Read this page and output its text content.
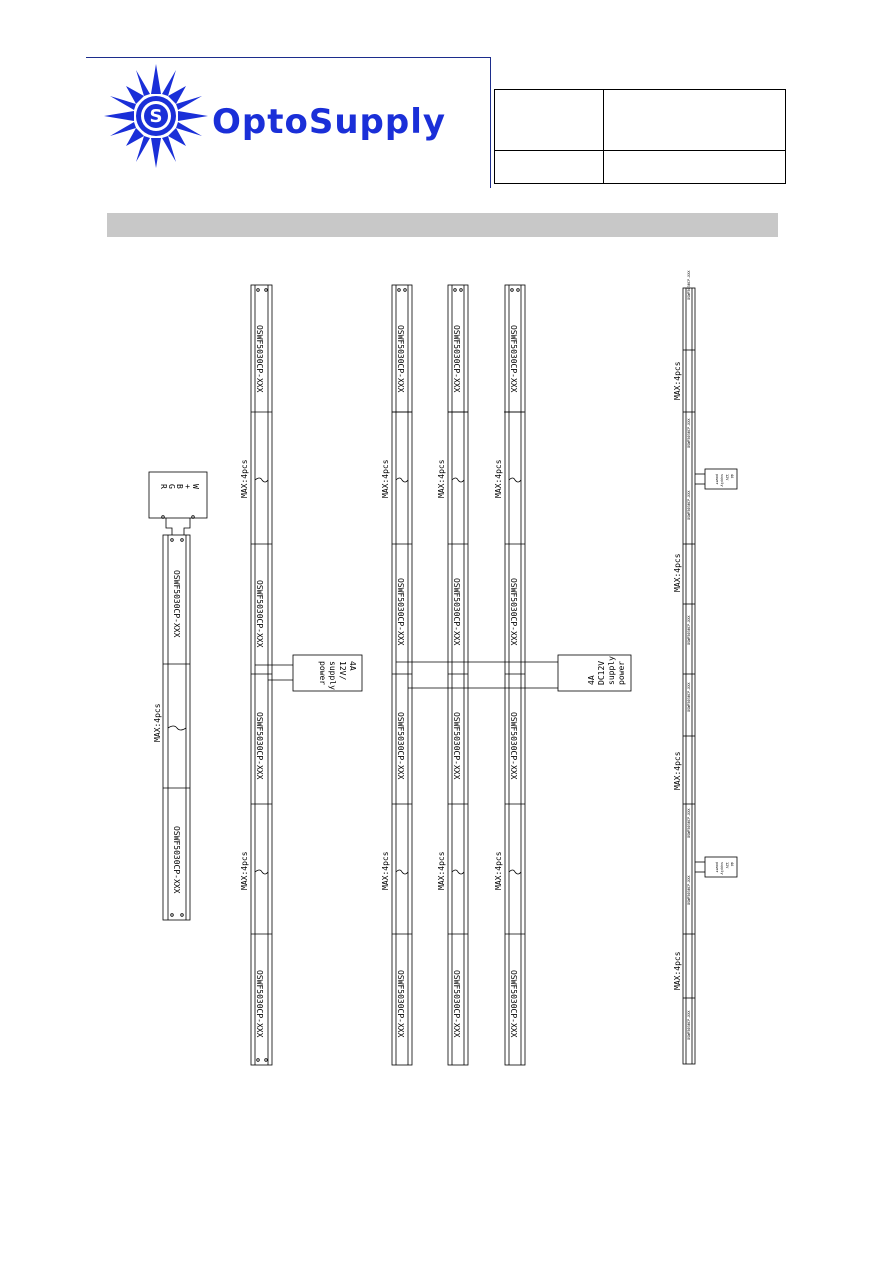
S OptoSupply

R G B + W
OSWF5030CP-XXX
OSWF5030CP-XXX
MAX:4pcs
OSWF5030CP-XXX
OSWF5030CP-XXX
OSWF5030CP-XXX
OSWF5030CP-XXX
MAX:4pcs
MAX:4pcs
power supply 12V/ 4A
OSWF5030CP-XXX	OSWF5030CP-XXX	OSWF5030CP-XXX
OSWF5030CP-XXX	OSWF5030CP-XXX	OSWF5030CP-XXX
OSWF5030CP-XXX	OSWF5030CP-XXX	OSWF5030CP-XXX
OSWF5030CP-XXX	OSWF5030CP-XXX	OSWF5030CP-XXX
MAX:4pcs	MAX:4pcs	MAX:4pcs
MAX:4pcs	MAX:4pcs	MAX:4pcs
power
supply
DC12V
4A
OSWF5030CP-XXX
OSWF5030CP-XXX
OSWF5030CP-XXX
OSWF5030CP-XXX
OSWF5030CP-XXX
OSWF5030CP-XXX
OSWF5030CP-XXX
OSWF5030CP-XXX
MAX:4pcs
MAX:4pcs
MAX:4pcs
MAX:4pcs
power supply 12V 4A
power supply 12V 4A
